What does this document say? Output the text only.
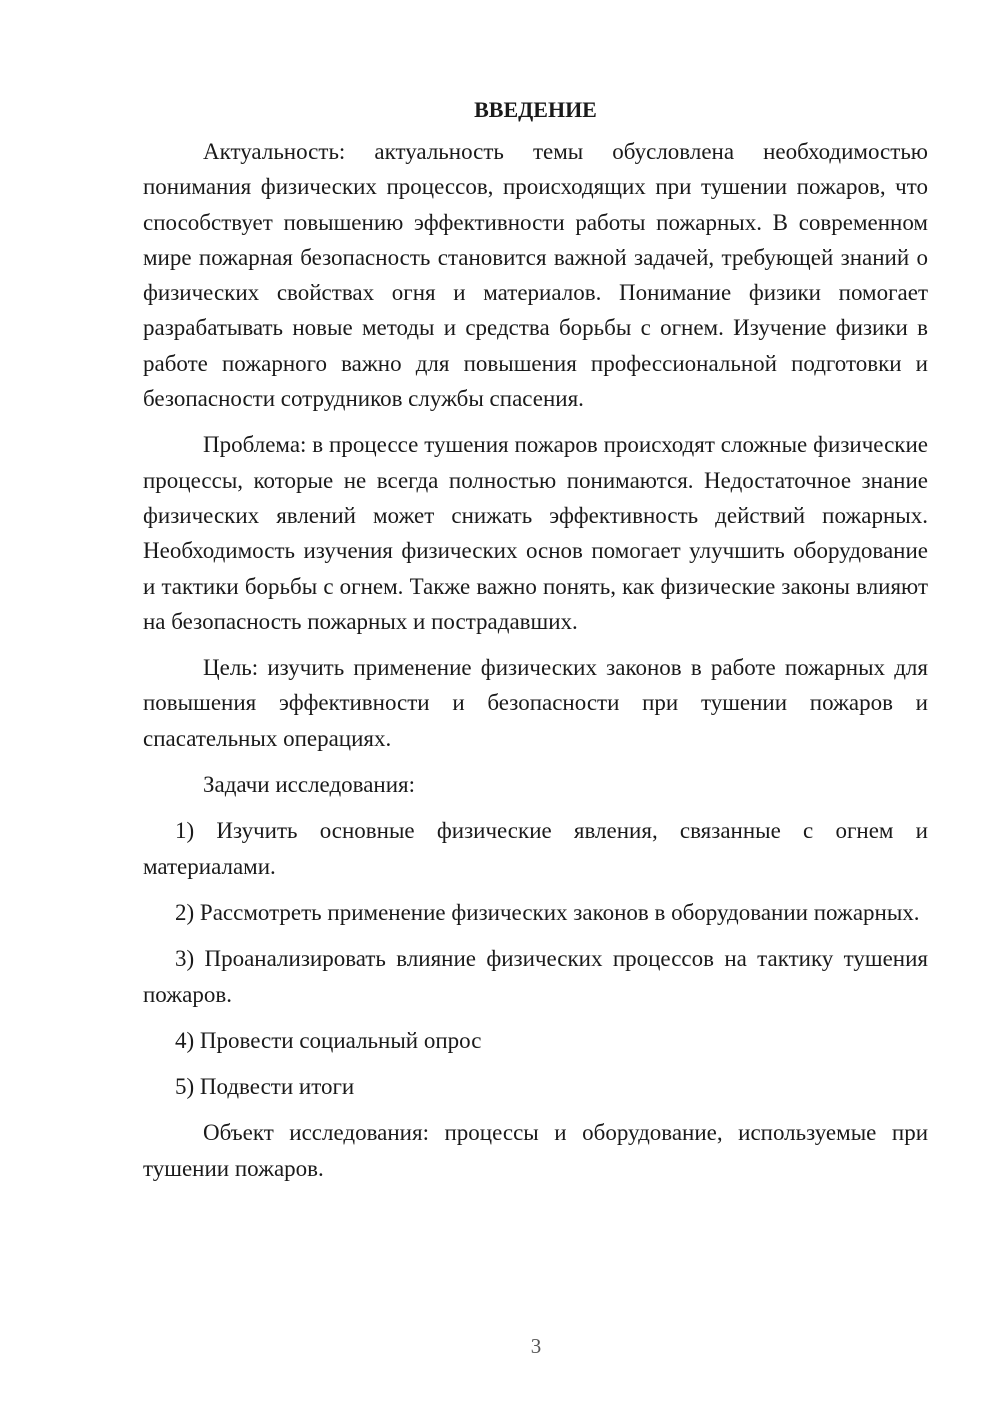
ВВЕДЕНИЕ

Актуальность: актуальность темы обусловлена необходимостью понимания физических процессов, происходящих при тушении пожаров, что способствует повышению эффективности работы пожарных. В современном мире пожарная безопасность становится важной задачей, требующей знаний о физических свойствах огня и материалов. Понимание физики помогает разрабатывать новые методы и средства борьбы с огнем. Изучение физики в работе пожарного важно для повышения профессиональной подготовки и безопасности сотрудников службы спасения.

Проблема: в процессе тушения пожаров происходят сложные физические процессы, которые не всегда полностью понимаются. Недостаточное знание физических явлений может снижать эффективность действий пожарных. Необходимость изучения физических основ помогает улучшить оборудование и тактики борьбы с огнем. Также важно понять, как физические законы влияют на безопасность пожарных и пострадавших.

Цель: изучить применение физических законов в работе пожарных для повышения эффективности и безопасности при тушении пожаров и спасательных операциях.

Задачи исследования:

1) Изучить основные физические явления, связанные с огнем и материалами.

2) Рассмотреть применение физических законов в оборудовании пожарных.

3) Проанализировать влияние физических процессов на тактику тушения пожаров.

4) Провести социальный опрос

5) Подвести итоги

Объект исследования: процессы и оборудование, используемые при тушении пожаров.

3
